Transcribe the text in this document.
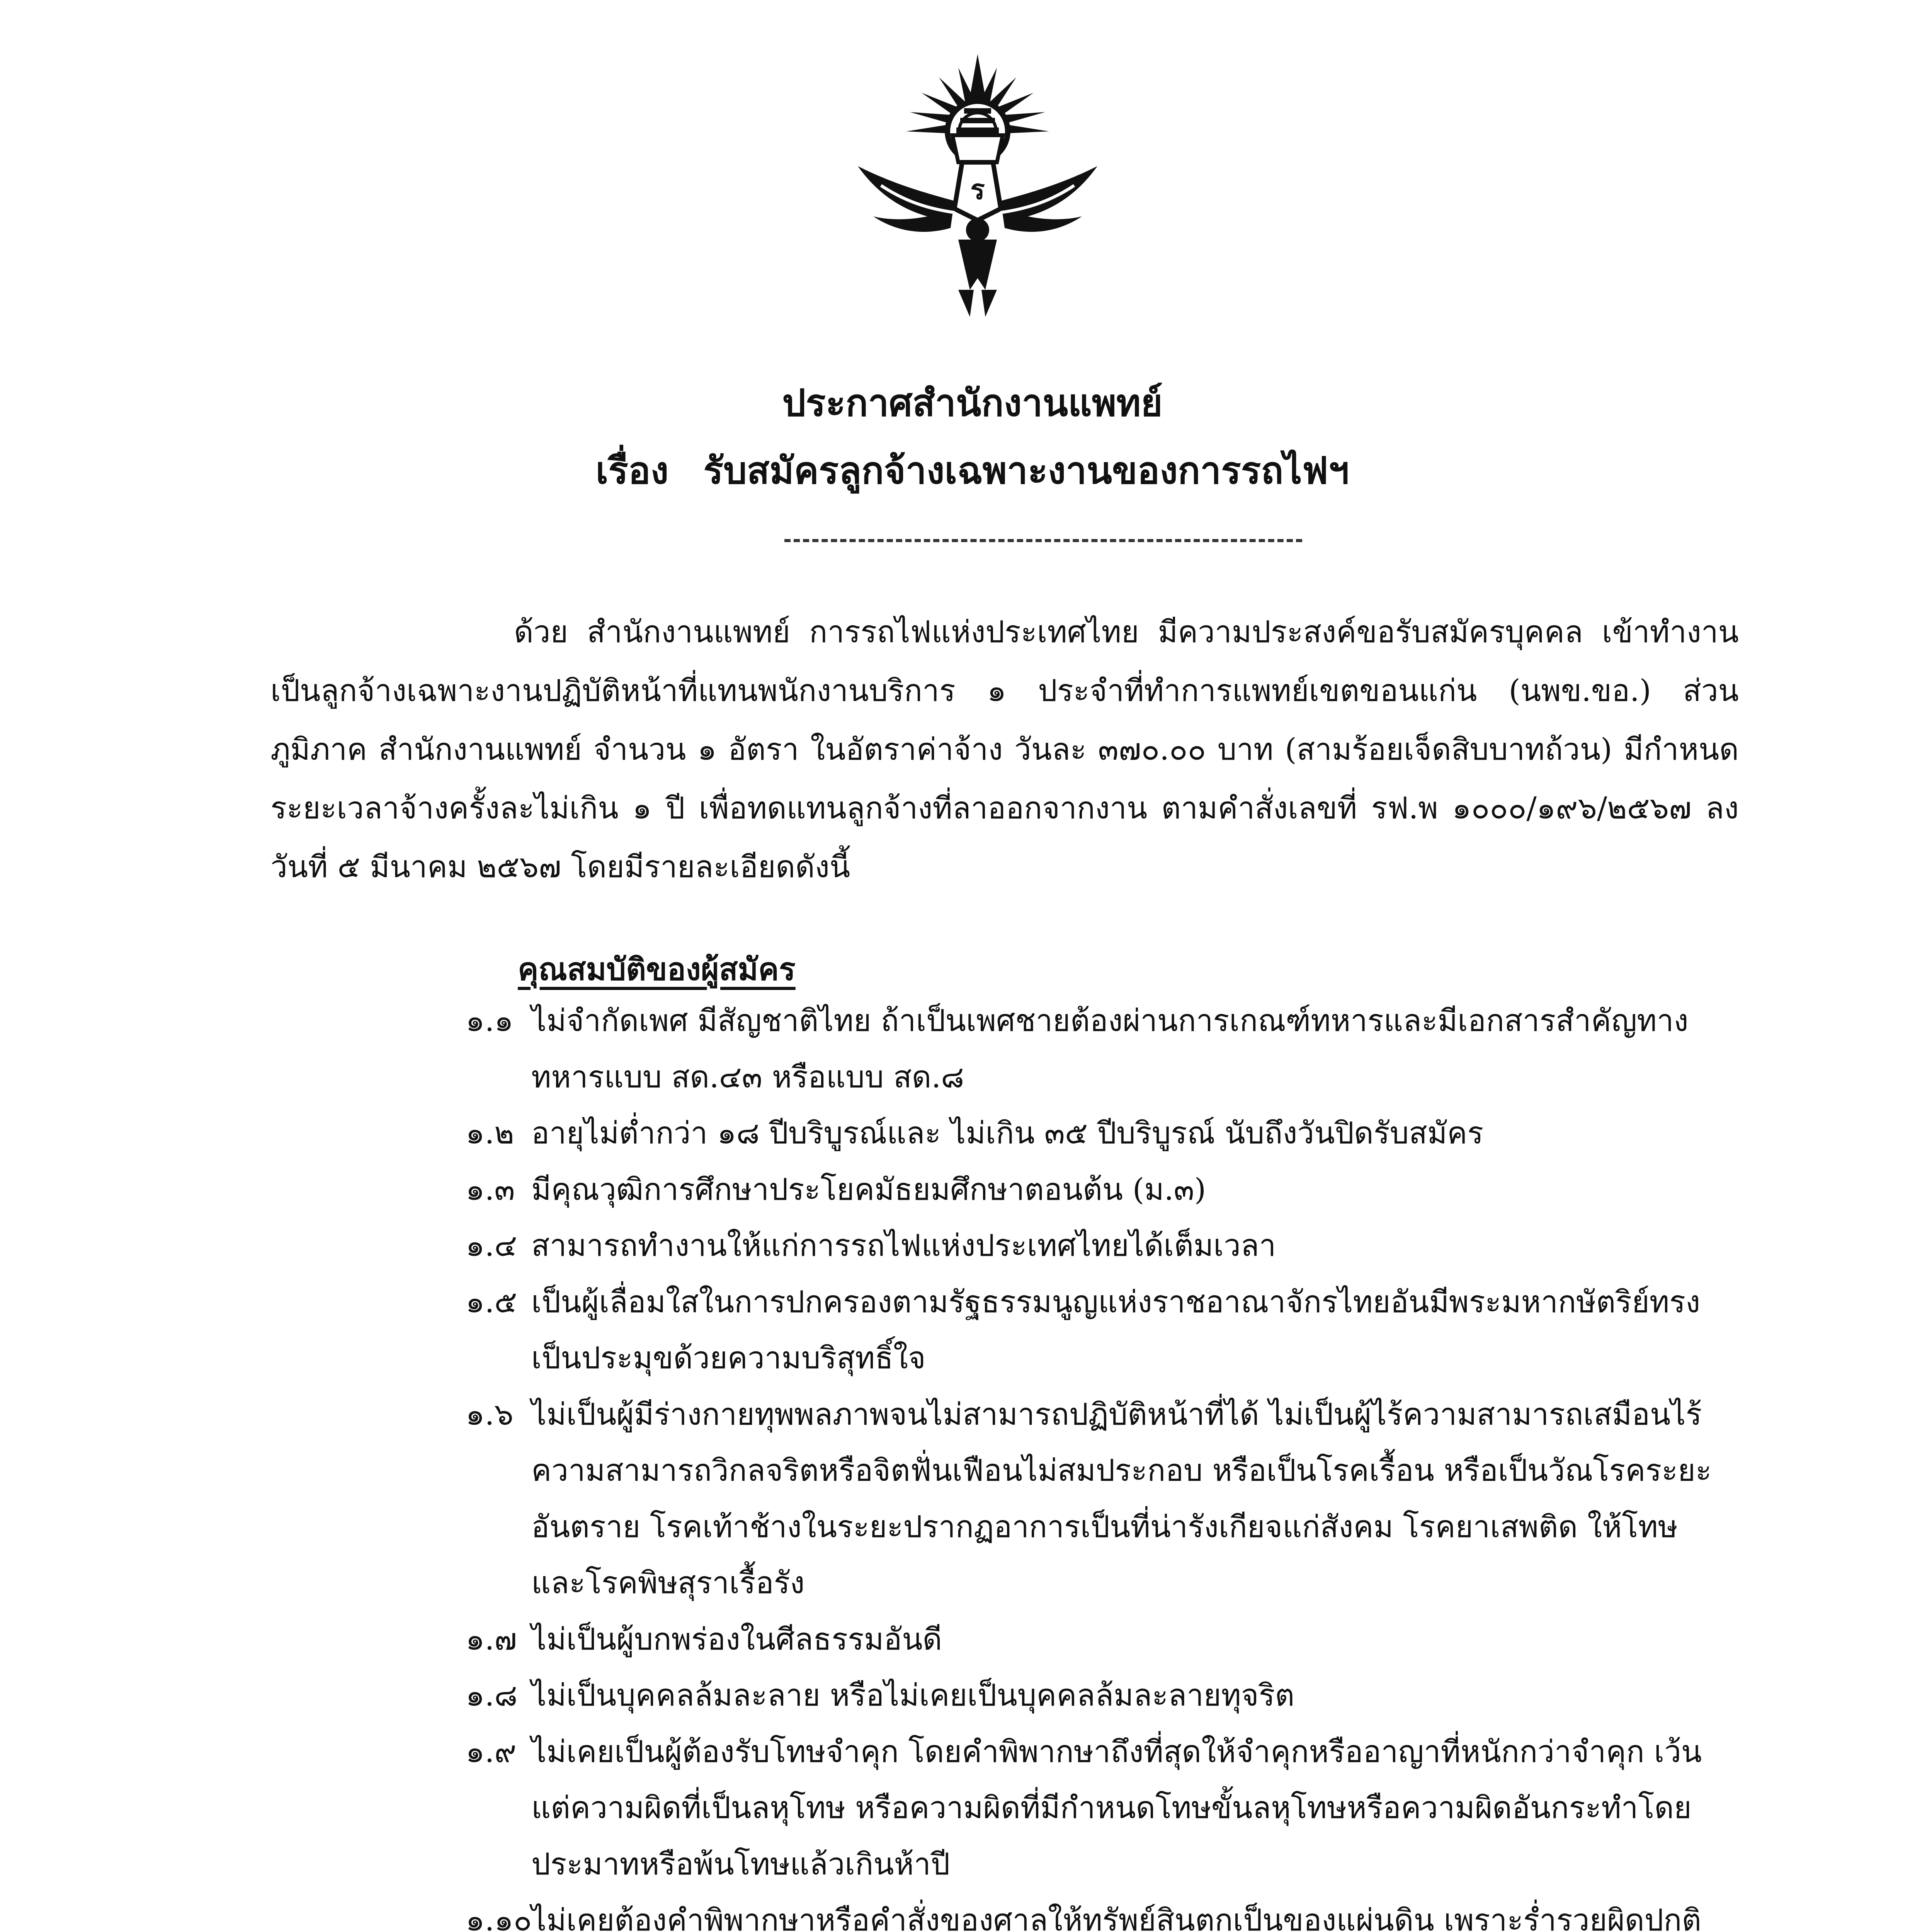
ร
ประกาศสำนักงานแพทย์
เรื่อง รับสมัครลูกจ้างเฉพาะงานของการรถไฟฯ

ด้วย สำนักงานแพทย์ การรถไฟแห่งประเทศไทย มีความประสงค์ขอรับสมัครบุคคล เข้าทำงานเป็นลูกจ้างเฉพาะงานปฏิบัติหน้าที่แทนพนักงานบริการ ๑ ประจำที่ทำการแพทย์เขตขอนแก่น (นพข.ขอ.) ส่วนภูมิภาค สำนักงานแพทย์ จำนวน ๑ อัตรา ในอัตราค่าจ้าง วันละ ๓๗๐.๐๐ บาท (สามร้อยเจ็ดสิบบาทถ้วน) มีกำหนดระยะเวลาจ้างครั้งละไม่เกิน ๑ ปี เพื่อทดแทนลูกจ้างที่ลาออกจากงาน ตามคำสั่งเลขที่ รฟ.พ ๑๐๐๐/๑๙๖/๒๕๖๗ ลงวันที่ ๕ มีนาคม ๒๕๖๗ โดยมีรายละเอียดดังนี้

คุณสมบัติของผู้สมัคร
๑.๑ ไม่จำกัดเพศ มีสัญชาติไทย ถ้าเป็นเพศชายต้องผ่านการเกณฑ์ทหารและมีเอกสารสำคัญทางทหารแบบ สด.๔๓ หรือแบบ สด.๘
๑.๒ อายุไม่ต่ำกว่า ๑๘ ปีบริบูรณ์และ ไม่เกิน ๓๕ ปีบริบูรณ์ นับถึงวันปิดรับสมัคร
๑.๓ มีคุณวุฒิการศึกษาประโยคมัธยมศึกษาตอนต้น (ม.๓)
๑.๔ สามารถทำงานให้แก่การรถไฟแห่งประเทศไทยได้เต็มเวลา
๑.๕ เป็นผู้เลื่อมใสในการปกครองตามรัฐธรรมนูญแห่งราชอาณาจักรไทยอันมีพระมหากษัตริย์ทรงเป็นประมุขด้วยความบริสุทธิ์ใจ
๑.๖ ไม่เป็นผู้มีร่างกายทุพพลภาพจนไม่สามารถปฏิบัติหน้าที่ได้ ไม่เป็นผู้ไร้ความสามารถเสมือนไร้ความสามารถวิกลจริตหรือจิตฟั่นเฟือนไม่สมประกอบ หรือเป็นโรคเรื้อน หรือเป็นวัณโรคระยะอันตราย โรคเท้าช้างในระยะปรากฏอาการเป็นที่น่ารังเกียจแก่สังคม โรคยาเสพติด ให้โทษ และโรคพิษสุราเรื้อรัง
๑.๗ ไม่เป็นผู้บกพร่องในศีลธรรมอันดี
๑.๘ ไม่เป็นบุคคลล้มละลาย หรือไม่เคยเป็นบุคคลล้มละลายทุจริต
๑.๙ ไม่เคยเป็นผู้ต้องรับโทษจำคุก โดยคำพิพากษาถึงที่สุดให้จำคุกหรืออาญาที่หนักกว่าจำคุก เว้นแต่ความผิดที่เป็นลหุโทษ หรือความผิดที่มีกำหนดโทษขั้นลหุโทษหรือความผิดอันกระทำโดยประมาทหรือพ้นโทษแล้วเกินห้าปี
๑.๑๐
ไม่เคยต้องคำพิพากษาหรือคำสั่งของศาลให้ทรัพย์สินตกเป็นของแผ่นดิน เพราะร่ำรวยผิดปกติ
